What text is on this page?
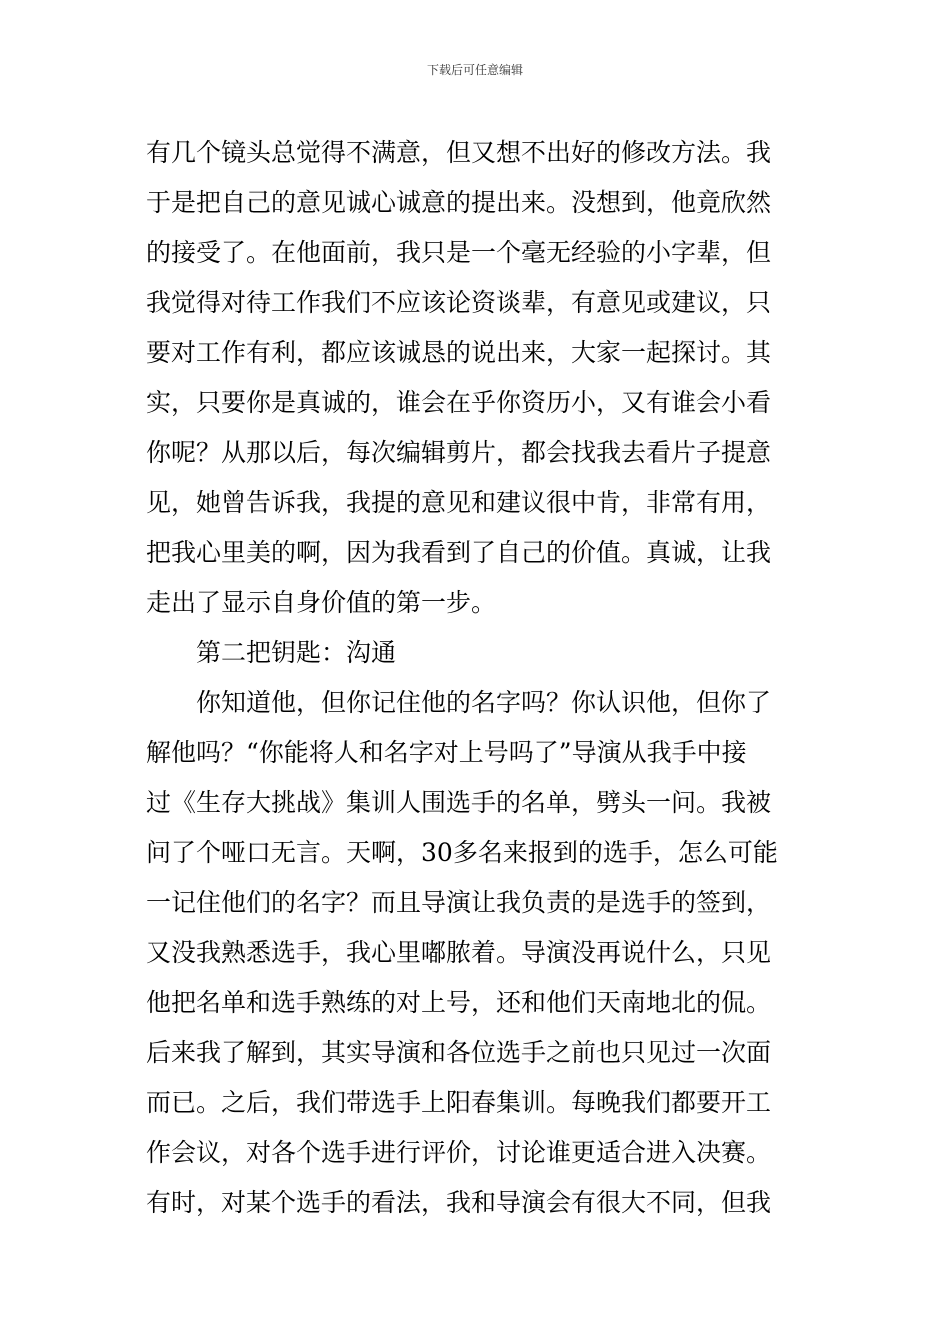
下载后可任意编辑
有几个镜头总觉得不满意，但又想不出好的修改方法。我
于是把自己的意见诚心诚意的提出来。没想到，他竟欣然
的接受了。在他面前，我只是一个毫无经验的小字辈，但
我觉得对待工作我们不应该论资谈辈，有意见或建议，只
要对工作有利，都应该诚恳的说出来，大家一起探讨。其
实，只要你是真诚的，谁会在乎你资历小，又有谁会小看
你呢？从那以后，每次编辑剪片，都会找我去看片子提意
见，她曾告诉我，我提的意见和建议很中肯，非常有用，
把我心里美的啊，因为我看到了自己的价值。真诚，让我
走出了显示自身价值的第一步。
第二把钥匙：沟通
你知道他，但你记住他的名字吗？你认识他，但你了
解他吗？“你能将人和名字对上号吗了”导演从我手中接
过《生存大挑战》集训人围选手的名单，劈头一问。我被
问了个哑口无言。天啊，30多名来报到的选手，怎么可能
一记住他们的名字？而且导演让我负责的是选手的签到，
又没我熟悉选手，我心里嘟脓着。导演没再说什么，只见
他把名单和选手熟练的对上号，还和他们天南地北的侃。
后来我了解到，其实导演和各位选手之前也只见过一次面
而已。之后，我们带选手上阳春集训。每晚我们都要开工
作会议，对各个选手进行评价，讨论谁更适合进入决赛。
有时，对某个选手的看法，我和导演会有很大不同，但我
